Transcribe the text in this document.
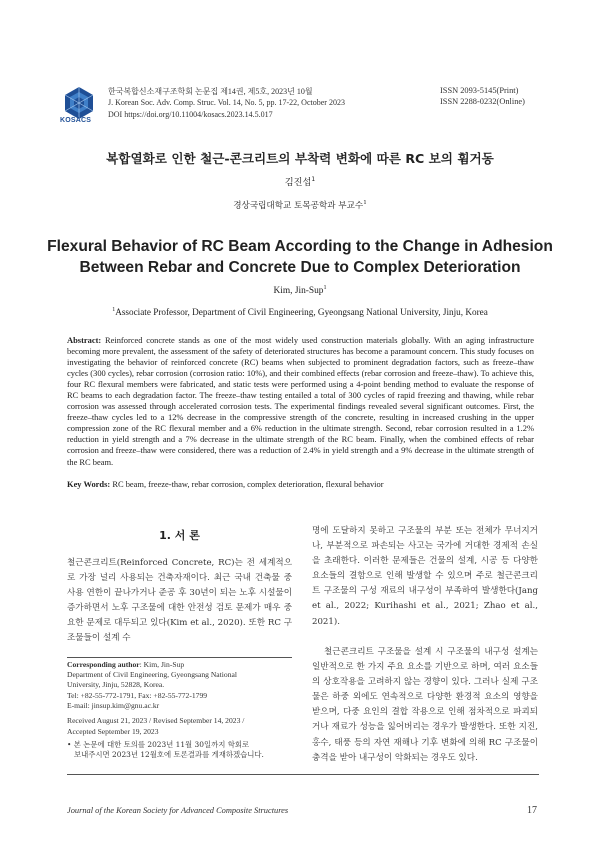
KOSACS
한국복합신소재구조학회 논문집 제14권, 제5호, 2023년 10월
J. Korean Soc. Adv. Comp. Struc. Vol. 14, No. 5, pp. 17-22, October 2023
DOI https://doi.org/10.11004/kosacs.2023.14.5.017
ISSN 2093-5145(Print)
ISSN 2288-0232(Online)
복합열화로 인한 철근-콘크리트의 부착력 변화에 따른 RC 보의 휨거동
김진섭$^1$
경상국립대학교 토목공학과 부교수$^1$
Flexural Behavior of RC Beam According to the Change in Adhesion
Between Rebar and Concrete Due to Complex Deterioration
Kim, Jin-Sup$^1$
$^1$Associate Professor, Department of Civil Engineering, Gyeongsang National University, Jinju, Korea
Abstract: Reinforced concrete stands as one of the most widely used construction materials globally. With an aging infrastructure becoming more prevalent, the assessment of the safety of deteriorated structures has become a paramount concern. This study focuses on investigating the behavior of reinforced concrete (RC) beams when subjected to prominent degradation factors, such as freeze–thaw cycles (300 cycles), rebar corrosion (corrosion ratio: 10%), and their combined effects (rebar corrosion and freeze–thaw). To achieve this, four RC flexural members were fabricated, and static tests were performed using a 4-point bending method to evaluate the response of RC beams to each degradation factor. The freeze–thaw testing entailed a total of 300 cycles of rapid freezing and thawing, while rebar corrosion was assessed through accelerated corrosion tests. The experimental findings revealed several significant outcomes. First, the freeze–thaw cycles led to a 12% decrease in the compressive strength of the concrete, resulting in increased crushing in the upper compression zone of the RC flexural member and a 6% reduction in the ultimate strength. Second, rebar corrosion resulted in a 1.2% reduction in yield strength and a 7% decrease in the ultimate strength of the RC beam. Finally, when the combined effects of rebar corrosion and freeze–thaw were considered, there was a reduction of 2.4% in yield strength and a 9% decrease in the ultimate strength of the RC beam.
Key Words: RC beam, freeze-thaw, rebar corrosion, complex deterioration, flexural behavior
1. 서 론
철근콘크리트(Reinforced Concrete, RC)는 전 세계적으로 가장 널리 사용되는 건축자재이다. 최근 국내 건축물 중 사용 연한이 끝나가거나 준공 후 30년이 되는 노후 시설물이 증가하면서 노후 구조물에 대한 안전성 검토 문제가 매우 중요한 문제로 대두되고 있다(Kim et al., 2020). 또한 RC 구조물들이 설계 수
Corresponding author: Kim, Jin-Sup
Department of Civil Engineering, Gyeongsang National
University, Jinju, 52828, Korea.
Tel: +82-55-772-1791, Fax: +82-55-772-1799
E-mail: jinsup.kim@gnu.ac.kr
Received August 21, 2023 / Revised September 14, 2023 /
Accepted September 19, 2023
• 본 논문에 대한 토의를 2023년 11월 30일까지 학회로
보내주시면 2023년 12월호에 토론결과를 게재하겠습니다.
명에 도달하지 못하고 구조물의 부분 또는 전체가 무너지거나, 부분적으로 파손되는 사고는 국가에 거대한 경제적 손실을 초래한다. 이러한 문제들은 건물의 설계, 시공 등 다양한 요소들의 결함으로 인해 발생할 수 있으며 주로 철근콘크리트 구조물의 구성 재료의 내구성이 부족하여 발생한다(Jang et al., 2022; Kurihashi et al., 2021; Zhao et al., 2021).
철근콘크리트 구조물을 설계 시 구조물의 내구성 설계는 일반적으로 한 가지 주요 요소를 기반으로 하며, 여러 요소들의 상호작용을 고려하지 않는 경향이 있다. 그러나 실제 구조물은 하중 외에도 연속적으로 다양한 환경적 요소의 영향을 받으며, 다중 요인의 결합 작용으로 인해 점차적으로 파괴되거나 재료가 성능을 잃어버리는 경우가 발생한다. 또한 지진, 홍수, 태풍 등의 자연 재해나 기후 변화에 의해 RC 구조물이 충격을 받아 내구성이 악화되는 경우도 있다.
Journal of the Korean Society for Advanced Composite Structures	17
